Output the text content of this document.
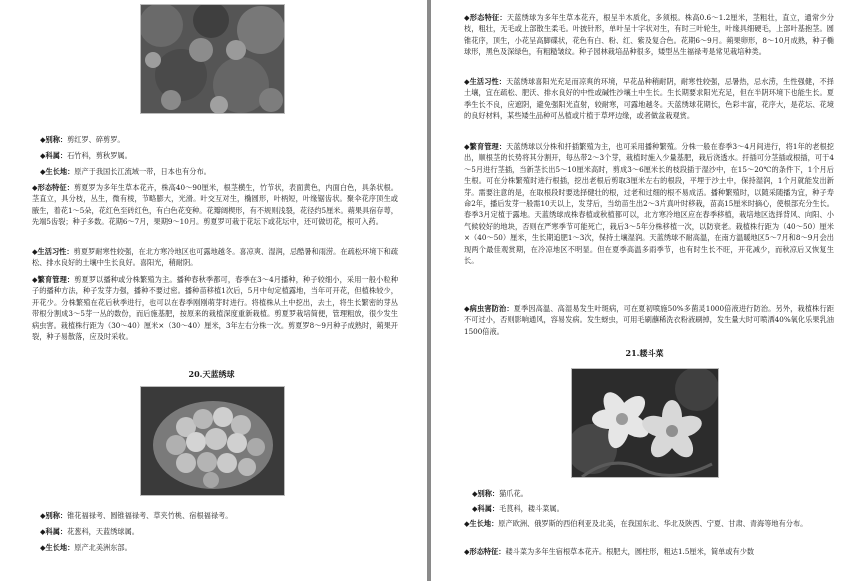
◆别称：剪红罗、碎剪罗。

◆科属：石竹科，剪秋罗属。

◆生长地：原产于我国长江流域一带，日本也有分布。

◆形态特征：剪夏罗为多年生草本花卉，株高40～90厘米，根茎横生，竹节状，表面黄色，内面白色，具条状根。茎直立，具分枝，丛生，微有棱，节略膨大，光滑。叶交互对生，椭圆形，叶柄短，叶缘锯齿状。聚伞花序顶生或腋生，着花1～5朵，花红色至砖红色，有白色花变种。花瓣阔楔形，有不规则浅裂，花径约5厘米。蒴果具宿存萼，先端5齿裂；种子多数。花期6～7月，果期9～10月。剪夏罗可栽于花坛下或花坛中，还可做切花，根可入药。

◆生活习性：剪夏罗耐寒性较强，在北方寒冷地区也可露地越冬。喜凉爽、湿润，忌酷暑和雨涝。在疏松环境下和疏松、排水良好的土壤中生长良好。喜阳光，稍耐阴。

◆繁育管理：剪夏罗以播种或分株繁殖为主。播种春秋季都可，春季在3～4月播种，种子较细小，采用一般小粒种子的播种方法，种子发芽力强，播种不要过密。播种苗移植1次后，5月中旬定植露地，当年可开花，但植株较少，开花少。分株繁殖在花后秋季进行，也可以在春季刚刚萌芽时进行。将植株从土中挖出，去土，将生长繁密的芽丛带根分割成3～5芽一丛的数份，而后施基肥，按原来的栽植深度重新栽植。剪夏罗栽培简便，管理粗放，很少发生病虫害。栽植株行距为（30～40）厘米×（30～40）厘米，3年左右分株一次。剪夏罗8～9月种子成熟时，蒴果开裂，种子易散落，应及时采收。

20.天蓝绣球

◆别称：锥花福禄考、圆锥福禄考、草夹竹桃、宿根福禄考。

◆科属：花葱科，天蓝绣球属。

◆生长地：原产北美洲东部。

◆形态特征：天蓝绣球为多年生草本花卉，根呈半木质化，多须根。株高0.6～1.2厘米，茎粗壮，直立，通常少分枝，粗壮，无毛或上部散生柔毛。叶披针形，单叶呈十字状对生，有时三叶轮生，叶缘具细硬毛，上部叶基抱茎。圆锥花序，顶生，小花呈高脚碟状，花色有白、粉、红、紫及复合色。花期6～9月。蒴果卵形，8～10月成熟，种子椭球形，黑色及深绿色，有粗糙皱纹。种子园林栽培品种很多，矮型丛生福禄考是常见栽培种类。

◆生活习性：天蓝绣球喜阳光充足而凉爽的环境，早花品种稍耐阴，耐寒性较强，忌暑热，忌水涝，生性强健，不择土壤，宜在疏松、肥沃、排水良好的中性或碱性沙壤土中生长。生长期要求阳光充足，但在半阴环境下也能生长。夏季生长不良，应遮阴，避免强阳光直射，较耐寒，可露地越冬。天蓝绣球花期长，色彩丰富，花序大，是花坛、花境的良好材料，某些矮生品种可丛植或片植于草坪边缘，或者做盆栽观赏。

◆繁育管理：天蓝绣球以分株和扦插繁殖为主，也可采用播种繁殖。分株一般在春季3～4月间进行，将1年的老根挖出，顺根茎的长势将其分割开，每丛带2～3个芽，栽植时施入少量基肥，栽后浇透水。扦插可分茎插或根插，可于4～5月进行茎插，当新茎长出5～10厘米高时，剪成3～6厘米长的枝段插于湿沙中，在15～20℃的条件下，1个月后生根。可在分株繁殖时进行根插，挖出老根后剪取3厘米左右的根段，平埋于沙土中，保持湿润，1个月就能发出新芽。需要注意的是，在取根段时要选择健壮的根，过老和过细的根不易成活。播种繁殖时，以随采随播为宜，种子寿命2年，播后发芽一般需10天以上，发芽后，当幼苗生出2～3片真叶时移栽，苗高15厘米时摘心，使根部充分生长。春季3月定植于露地。天蓝绣球成株春植或秋植都可以，北方寒冷地区应在春季移植，栽培地区选择背风、向阳、小气候较好的地块，否则在严寒季节可能死亡，栽后3～5年分株移植一次，以防衰老。栽植株行距为（40～50）厘米×（40～50）厘米，生长期追肥1～3次，保持土壤湿润。天蓝绣球不耐高温，在南方温暖地区5～7月和8～9月会出现两个最佳观赏期，在冷凉地区不明显。但在夏季高温多雨季节，也有时生长不旺，开花减少，而秋凉后又恢复生长。

◆病虫害防治：夏季因高温、高湿易发生叶斑病，可在夏初喷施50%多菌灵1000倍液进行防治。另外，栽植株行距不可过小，否则影响通风，容易发病。发生蚜虫，可用毛刷蘸稀洗衣粉液刷掉，发生量大时可喷洒40%氧化乐果乳油1500倍液。

21.耧斗菜

◆别称：猫爪花。

◆科属：毛茛科，耧斗菜属。

◆生长地：原产欧洲、俄罗斯的西伯利亚及北美，在我国东北、华北及陕西、宁夏、甘肃、青海等地有分布。

◆形态特征：耧斗菜为多年生宿根草本花卉。根肥大，圆柱形，粗达1.5厘米，简单或有少数
